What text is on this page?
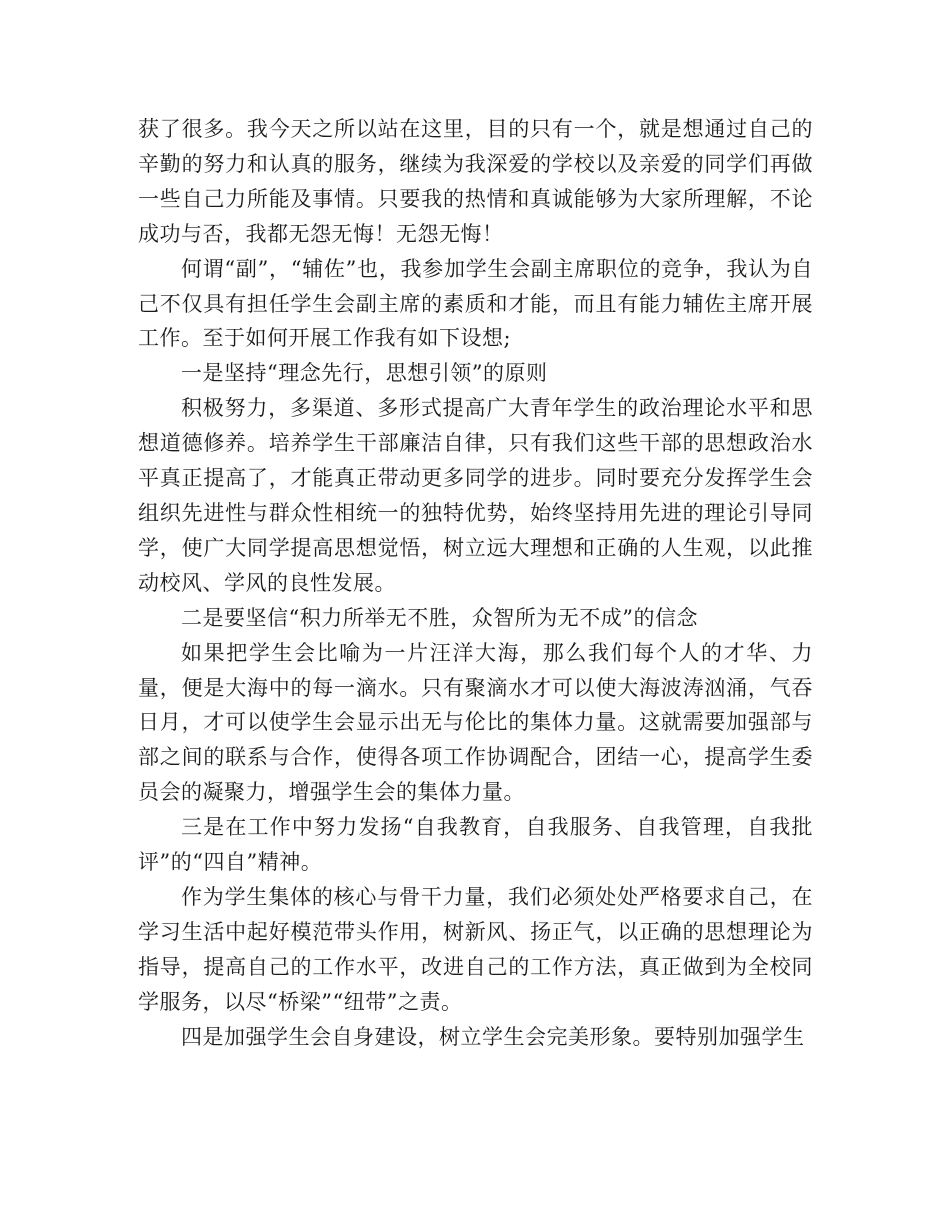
获了很多。我今天之所以站在这里，目的只有一个，就是想通过自己的辛勤的努力和认真的服务，继续为我深爱的学校以及亲爱的同学们再做一些自己力所能及事情。只要我的热情和真诚能够为大家所理解，不论成功与否，我都无怨无悔！无怨无悔！

何谓“副”，“辅佐”也，我参加学生会副主席职位的竞争，我认为自己不仅具有担任学生会副主席的素质和才能，而且有能力辅佐主席开展工作。至于如何开展工作我有如下设想;

一是坚持“理念先行，思想引领”的原则

积极努力，多渠道、多形式提高广大青年学生的政治理论水平和思想道德修养。培养学生干部廉洁自律，只有我们这些干部的思想政治水平真正提高了，才能真正带动更多同学的进步。同时要充分发挥学生会组织先进性与群众性相统一的独特优势，始终坚持用先进的理论引导同学，使广大同学提高思想觉悟，树立远大理想和正确的人生观，以此推动校风、学风的良性发展。

二是要坚信“积力所举无不胜，众智所为无不成”的信念

如果把学生会比喻为一片汪洋大海，那么我们每个人的才华、力量，便是大海中的每一滴水。只有聚滴水才可以使大海波涛汹涌，气吞日月，才可以使学生会显示出无与伦比的集体力量。这就需要加强部与部之间的联系与合作，使得各项工作协调配合，团结一心，提高学生委员会的凝聚力，增强学生会的集体力量。

三是在工作中努力发扬“自我教育，自我服务、自我管理，自我批评”的“四自”精神。

作为学生集体的核心与骨干力量，我们必须处处严格要求自己，在学习生活中起好模范带头作用，树新风、扬正气，以正确的思想理论为指导，提高自己的工作水平，改进自己的工作方法，真正做到为全校同学服务，以尽“桥梁”“纽带”之责。

四是加强学生会自身建设，树立学生会完美形象。要特别加强学生
